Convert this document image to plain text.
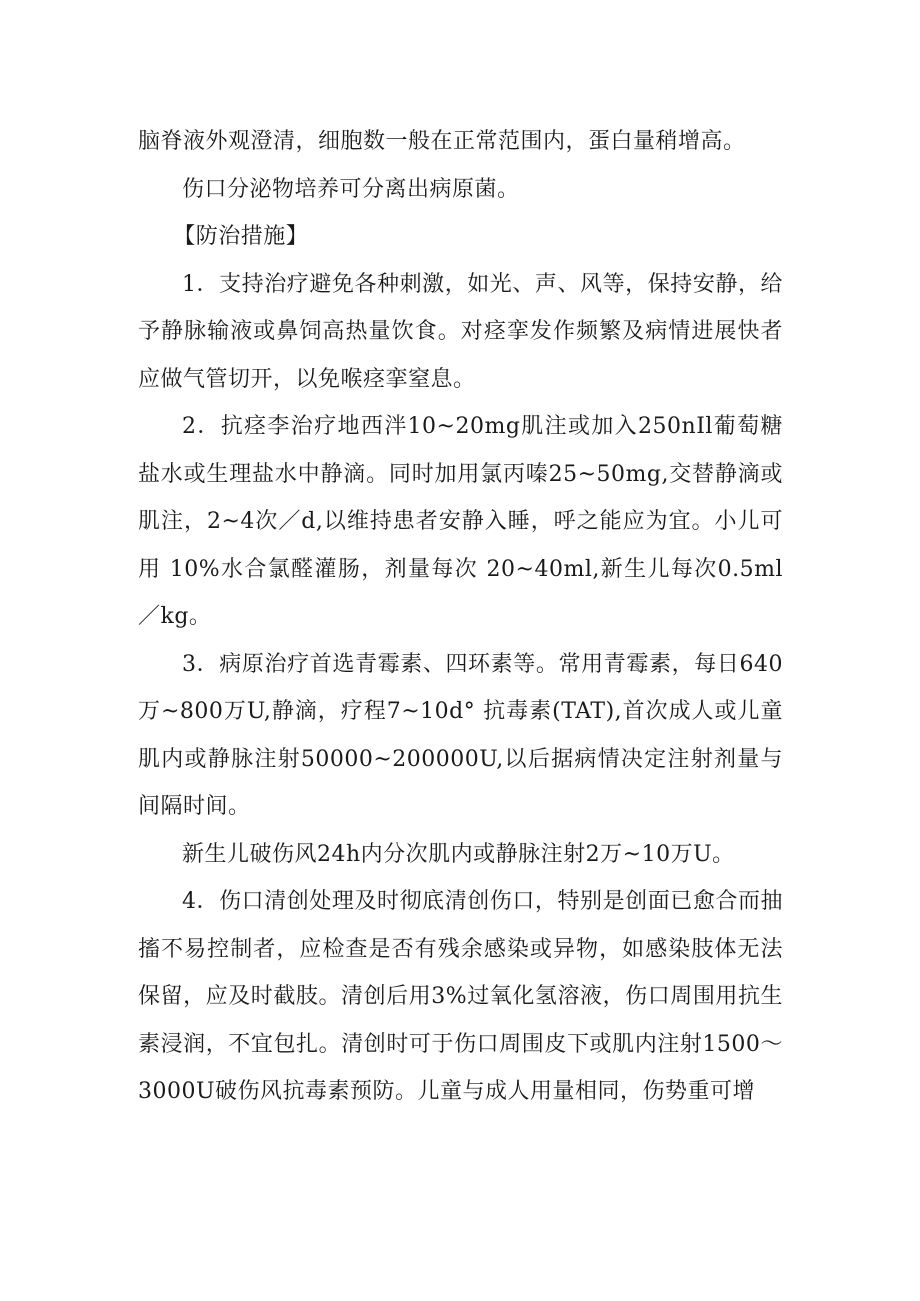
脑脊液外观澄清，细胞数一般在正常范围内，蛋白量稍增高。

伤口分泌物培养可分离出病原菌。

【防治措施】

1．支持治疗避免各种刺激，如光、声、风等，保持安静，给予静脉输液或鼻饲高热量饮食。对痉挛发作频繁及病情进展快者应做气管切开，以免喉痉挛窒息。

2．抗痉李治疗地西泮10~20mg肌注或加入250nIl葡萄糖盐水或生理盐水中静滴。同时加用氯丙嗪25~50mg,交替静滴或肌注，2~4次／d,以维持患者安静入睡，呼之能应为宜。小儿可用 10%水合氯醛灌肠，剂量每次 20~40ml,新生儿每次0.5ml／kg。

3．病原治疗首选青霉素、四环素等。常用青霉素，每日640万~800万U,静滴，疗程7~10d° 抗毒素(TAT),首次成人或儿童肌内或静脉注射50000~200000U,以后据病情决定注射剂量与间隔时间。

新生儿破伤风24h内分次肌内或静脉注射2万~10万U。

4．伤口清创处理及时彻底清创伤口，特别是创面已愈合而抽搐不易控制者，应检查是否有残余感染或异物，如感染肢体无法保留，应及时截肢。清创后用3%过氧化氢溶液，伤口周围用抗生素浸润，不宜包扎。清创时可于伤口周围皮下或肌内注射1500～3000U破伤风抗毒素预防。儿童与成人用量相同，伤势重可增
